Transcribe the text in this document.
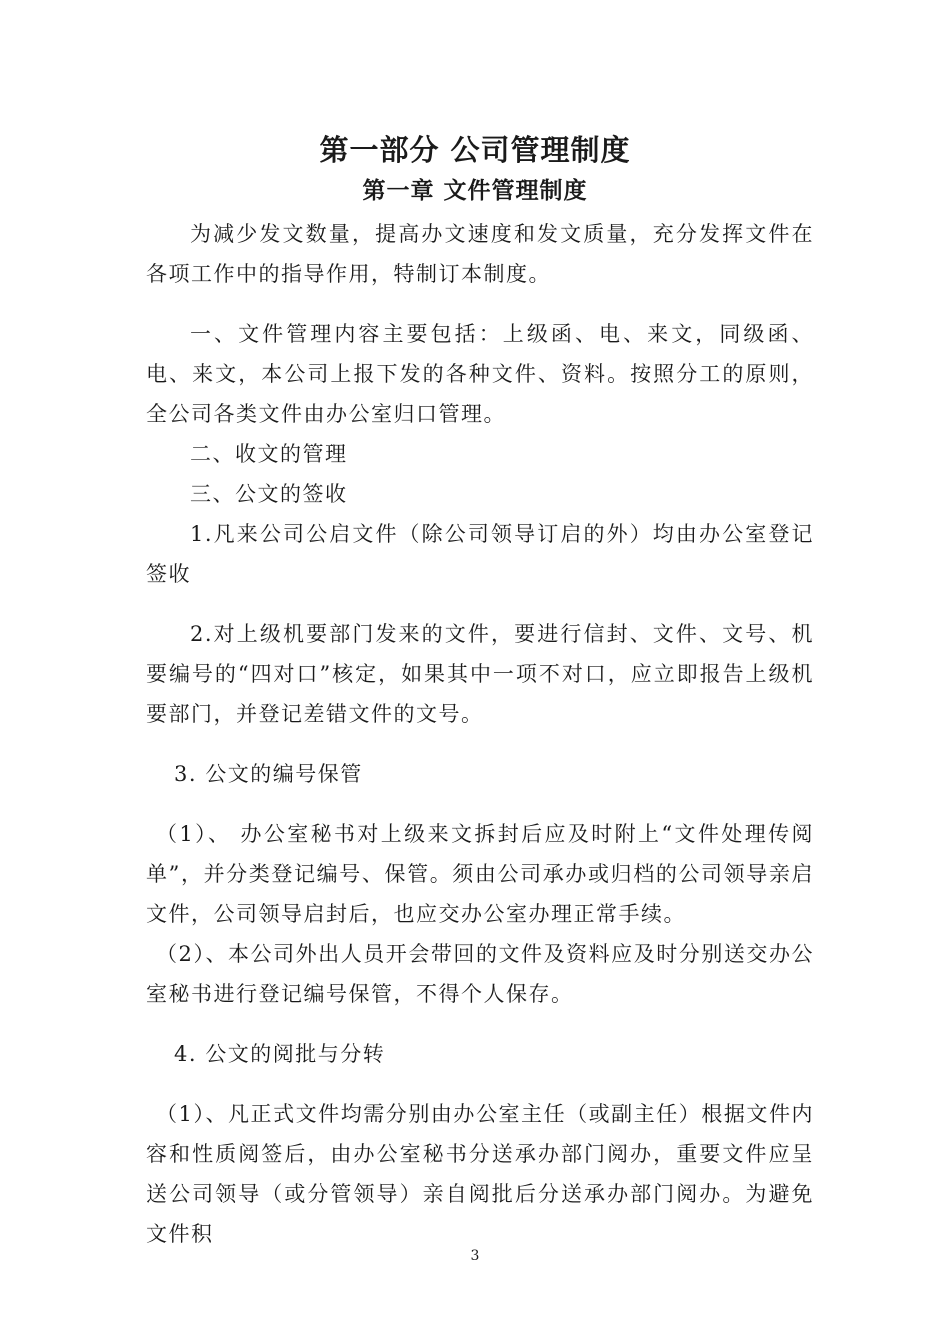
第一部分 公司管理制度
第一章 文件管理制度

为减少发文数量，提高办文速度和发文质量，充分发挥文件在各项工作中的指导作用，特制订本制度。

一、文件管理内容主要包括：上级函、电、来文，同级函、电、来文，本公司上报下发的各种文件、资料。按照分工的原则，全公司各类文件由办公室归口管理。

二、收文的管理

三、公文的签收

1.凡来公司公启文件（除公司领导订启的外）均由办公室登记签收

2.对上级机要部门发来的文件，要进行信封、文件、文号、机要编号的“四对口”核定，如果其中一项不对口，应立即报告上级机要部门，并登记差错文件的文号。

3. 公文的编号保管

（1）、 办公室秘书对上级来文拆封后应及时附上“文件处理传阅单”，并分类登记编号、保管。须由公司承办或归档的公司领导亲启文件，公司领导启封后，也应交办公室办理正常手续。

（2）、本公司外出人员开会带回的文件及资料应及时分别送交办公室秘书进行登记编号保管，不得个人保存。

4. 公文的阅批与分转

（1）、凡正式文件均需分别由办公室主任（或副主任）根据文件内容和性质阅签后，由办公室秘书分送承办部门阅办，重要文件应呈送公司领导（或分管领导）亲自阅批后分送承办部门阅办。为避免文件积

3
